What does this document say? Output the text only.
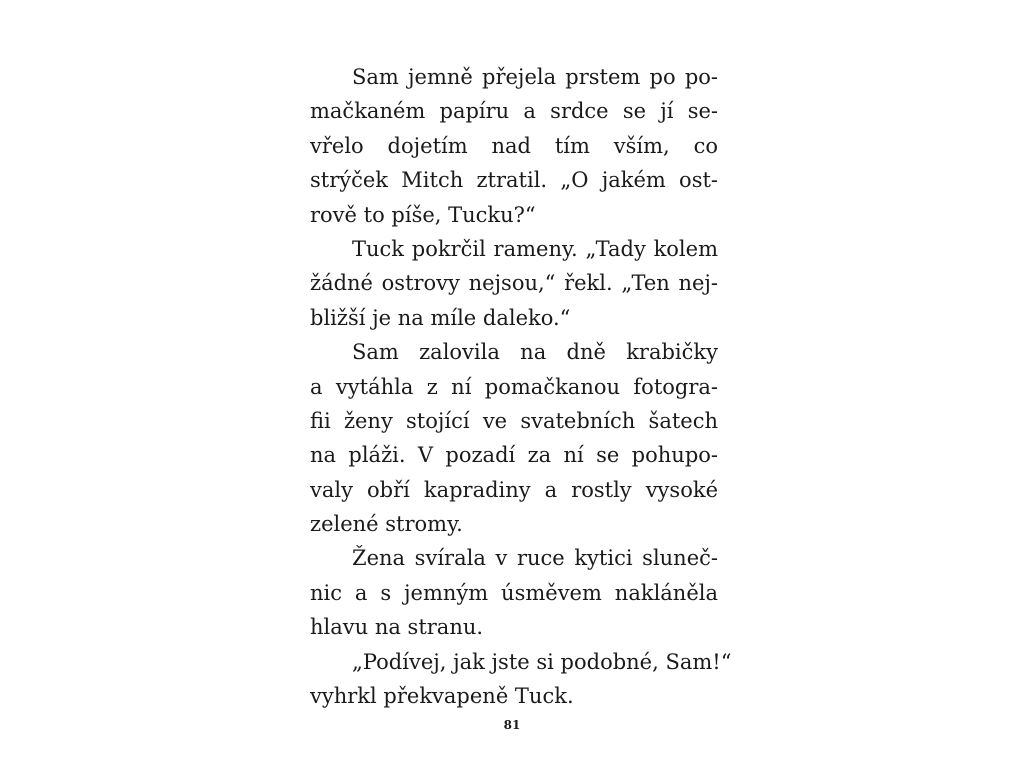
Sam jemně přejela prstem po po-
mačkaném papíru a srdce se jí se-
vřelo dojetím nad tím vším, co
strýček Mitch ztratil. „O jakém ost-
rově to píše, Tucku?“
Tuck pokrčil rameny. „Tady kolem
žádné ostrovy nejsou,“ řekl. „Ten nej-
bližší je na míle daleko.“
Sam zalovila na dně krabičky
a vytáhla z ní pomačkanou fotogra-
fii ženy stojící ve svatebních šatech
na pláži. V pozadí za ní se pohupo-
valy obří kapradiny a rostly vysoké
zelené stromy.
Žena svírala v ruce kytici sluneč-
nic a s jemným úsměvem nakláněla
hlavu na stranu.
„Podívej, jak jste si podobné, Sam!“
vyhrkl překvapeně Tuck.
81
